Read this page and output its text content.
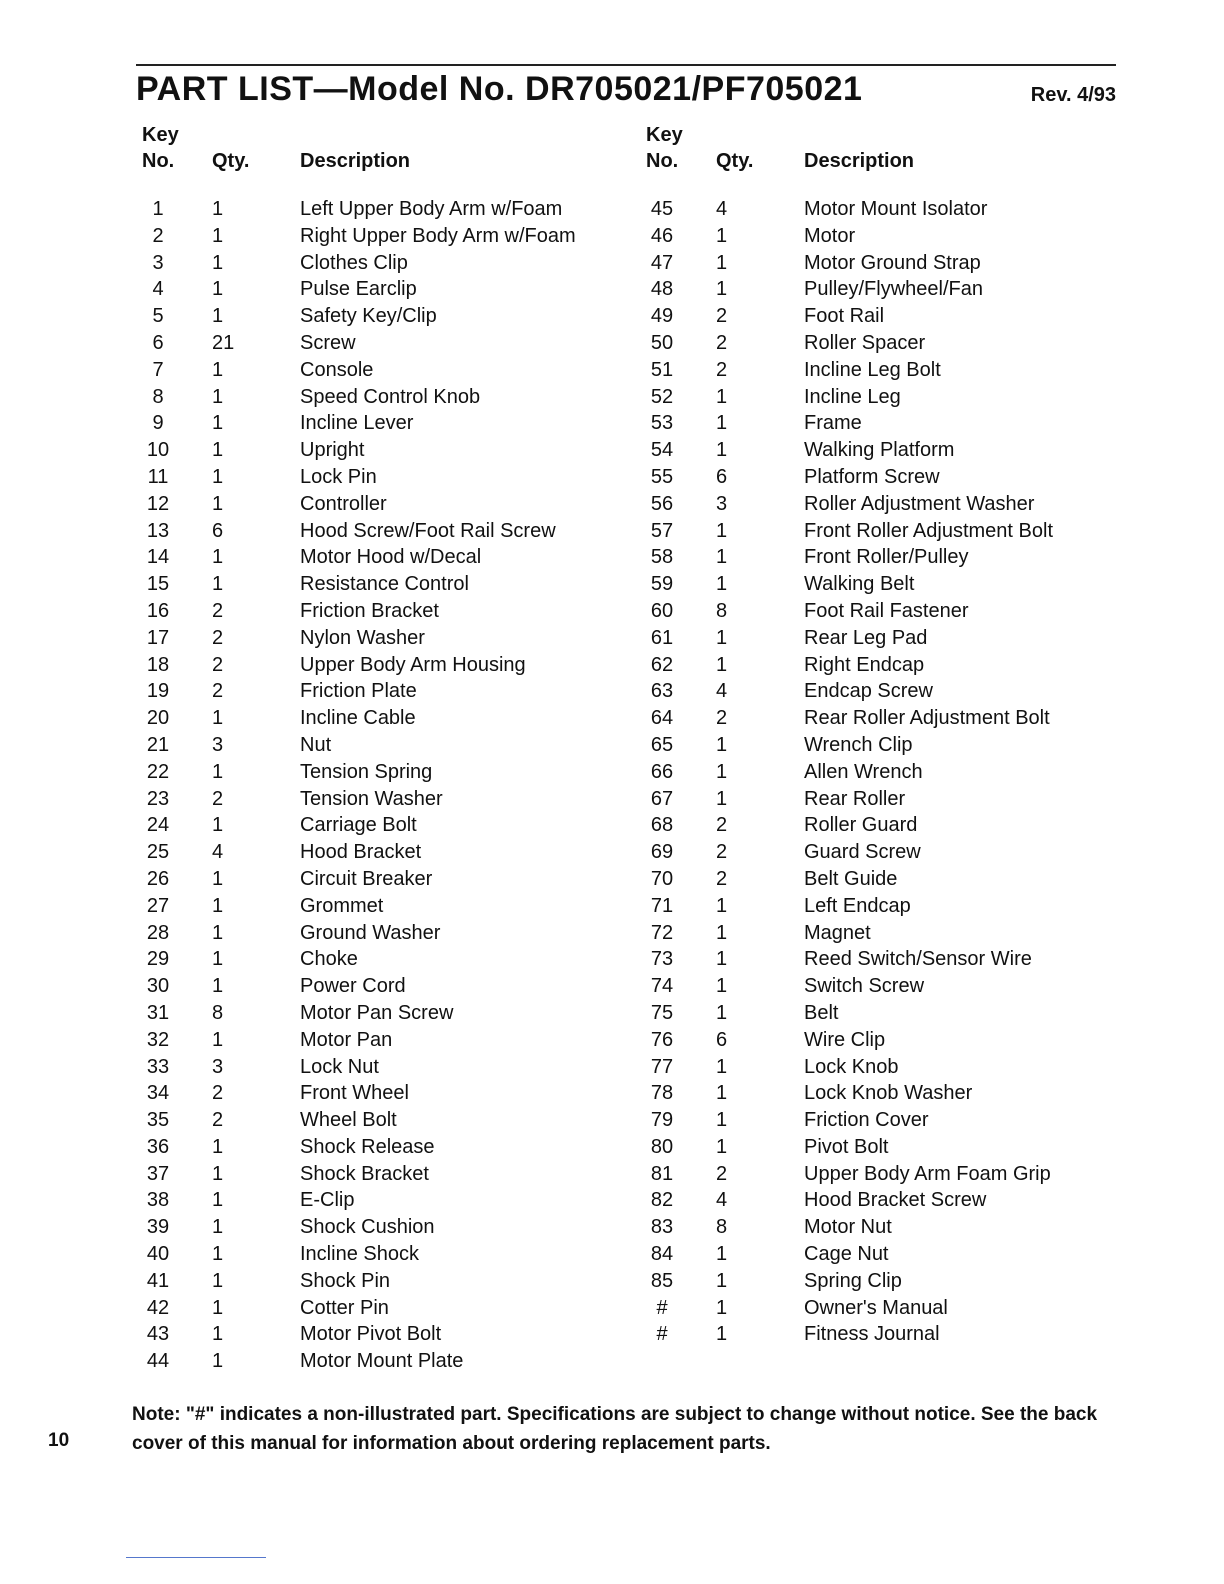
PART LIST—Model No. DR705021/PF705021	Rev. 4/93
Key
No. Qty.	Description
1	1	Left Upper Body Arm w/Foam
2	1	Right Upper Body Arm w/Foam
3	1	Clothes Clip
4	1	Pulse Earclip
5	1	Safety Key/Clip
6	21	Screw
7	1	Console
8	1	Speed Control Knob
9	1	Incline Lever
10	1	Upright
11	1	Lock Pin
12	1	Controller
13	6	Hood Screw/Foot Rail Screw
14	1	Motor Hood w/Decal
15	1	Resistance Control
16	2	Friction Bracket
17	2	Nylon Washer
18	2	Upper Body Arm Housing
19	2	Friction Plate
20	1	Incline Cable
21	3	Nut
22	1	Tension Spring
23	2	Tension Washer
24	1	Carriage Bolt
25	4	Hood Bracket
26	1	Circuit Breaker
27	1	Grommet
28	1	Ground Washer
29	1	Choke
30	1	Power Cord
31	8	Motor Pan Screw
32	1	Motor Pan
33	3	Lock Nut
34	2	Front Wheel
35	2	Wheel Bolt
36	1	Shock Release
37	1	Shock Bracket
38	1	E-Clip
39	1	Shock Cushion
40	1	Incline Shock
41	1	Shock Pin
42	1	Cotter Pin
43	1	Motor Pivot Bolt
44	1	Motor Mount Plate
Key
No. Qty.	Description
45	4	Motor Mount Isolator
46	1	Motor
47	1	Motor Ground Strap
48	1	Pulley/Flywheel/Fan
49	2	Foot Rail
50	2	Roller Spacer
51	2	Incline Leg Bolt
52	1	Incline Leg
53	1	Frame
54	1	Walking Platform
55	6	Platform Screw
56	3	Roller Adjustment Washer
57	1	Front Roller Adjustment Bolt
58	1	Front Roller/Pulley
59	1	Walking Belt
60	8	Foot Rail Fastener
61	1	Rear Leg Pad
62	1	Right Endcap
63	4	Endcap Screw
64	2	Rear Roller Adjustment Bolt
65	1	Wrench Clip
66	1	Allen Wrench
67	1	Rear Roller
68	2	Roller Guard
69	2	Guard Screw
70	2	Belt Guide
71	1	Left Endcap
72	1	Magnet
73	1	Reed Switch/Sensor Wire
74	1	Switch Screw
75	1	Belt
76	6	Wire Clip
77	1	Lock Knob
78	1	Lock Knob Washer
79	1	Friction Cover
80	1	Pivot Bolt
81	2	Upper Body Arm Foam Grip
82	4	Hood Bracket Screw
83	8	Motor Nut
84	1	Cage Nut
85	1	Spring Clip
#	1	Owner's Manual
#	1	Fitness Journal
Note: "#" indicates a non-illustrated part. Specifications are subject to change without notice. See the back cover of this manual for information about ordering replacement parts.
10
